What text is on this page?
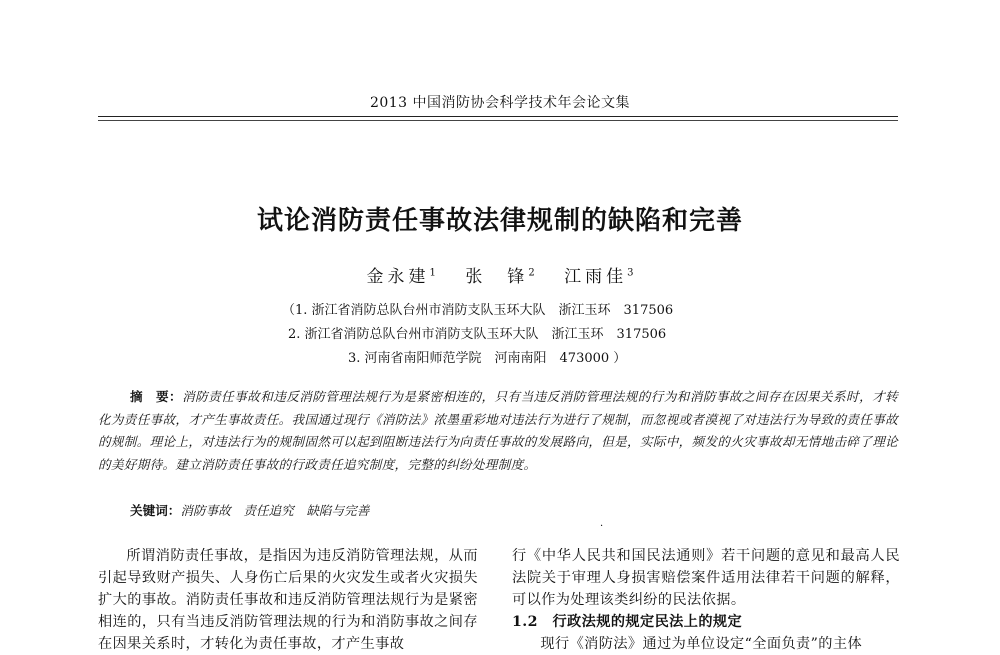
2013 中国消防协会科学技术年会论文集
试论消防责任事故法律规制的缺陷和完善
金永建$^1$ 张　锋$^2$ 江雨佳$^3$
（1. 浙江省消防总队台州市消防支队玉环大队　浙江玉环　317506
2. 浙江省消防总队台州市消防支队玉环大队　浙江玉环　317506
3. 河南省南阳师范学院　河南南阳　473000 ）
摘　要：消防责任事故和违反消防管理法规行为是紧密相连的，只有当违反消防管理法规的行为和消防事故之间存在因果关系时，才转化为责任事故，才产生事故责任。我国通过现行《消防法》浓墨重彩地对违法行为进行了规制，而忽视或者漠视了对违法行为导致的责任事故的规制。理论上，对违法行为的规制固然可以起到阻断违法行为向责任事故的发展路向，但是，实际中，频发的火灾事故却无情地击碎了理论的美好期待。建立消防责任事故的行政责任追究制度，完整的纠纷处理制度。
关键词：消防事故　责任追究　缺陷与完善
·

所谓消防责任事故，是指因为违反消防管理法规，从而引起导致财产损失、人身伤亡后果的火灾发生或者火灾损失扩大的事故。消防责任事故和违反消防管理法规行为是紧密相连的，只有当违反消防管理法规的行为和消防事故之间存在因果关系时，才转化为责任事故，才产生事故

行《中华人民共和国民法通则》若干问题的意见和最高人民法院关于审理人身损害赔偿案件适用法律若干问题的解释，可以作为处理该类纠纷的民法依据。

1.2　行政法规的规定民法上的规定

现行《消防法》通过为单位设定“全面负责”的主体
